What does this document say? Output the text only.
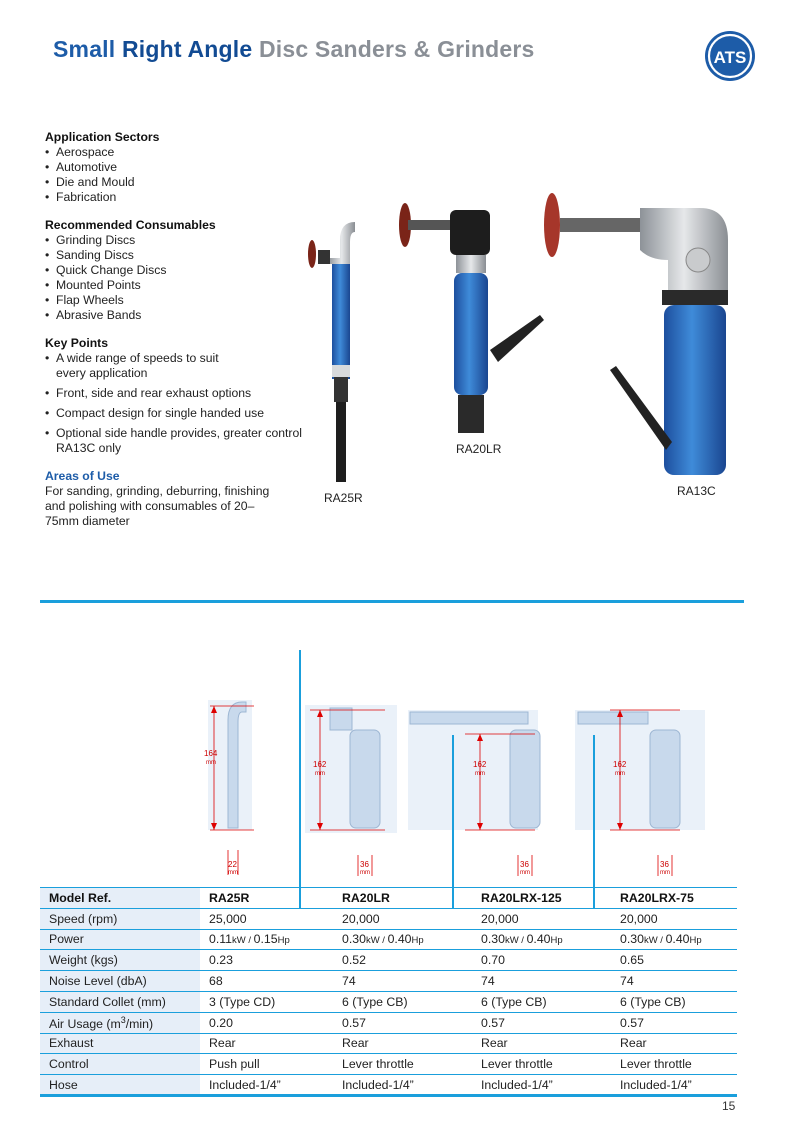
Small Right Angle Disc Sanders & Grinders	ATS
Application Sectors
• Aerospace
• Automotive
• Die and Mould
• Fabrication
Recommended Consumables
• Grinding Discs
• Sanding Discs
• Quick Change Discs
• Mounted Points
• Flap Wheels
• Abrasive Bands
Key Points
• A wide range of speeds to suit every application
• Front, side and rear exhaust options
• Compact design for single handed use
• Optional side handle provides, greater control RA13C only
Areas of Use
For sanding, grinding, deburring, finishing and polishing with consumables of 20–75mm diameter
RA25R
RA20LR
RA13C
164
mm
22
mm
162
mm
36
mm
162
mm
36
mm
162
mm
36
mm
Model Ref.	RA25R	RA20LR	RA20LRX-125	RA20LRX-75
Speed (rpm)	25,000	20,000	20,000	20,000
Power	0.11kW / 0.15Hp	0.30kW / 0.40Hp	0.30kW / 0.40Hp	0.30kW / 0.40Hp
Weight (kgs)	0.23	0.52	0.70	0.65
Noise Level (dbA)	68	74	74	74
Standard Collet (mm)	3 (Type CD)	6 (Type CB)	6 (Type CB)	6 (Type CB)
Air Usage $(m^3/\min)$	0.20	0.57	0.57	0.57
Exhaust	Rear	Rear	Rear	Rear
Control	Push pull	Lever throttle	Lever throttle	Lever throttle
Hose	Included-1/4”	Included-1/4”	Included-1/4”	Included-1/4”
15
